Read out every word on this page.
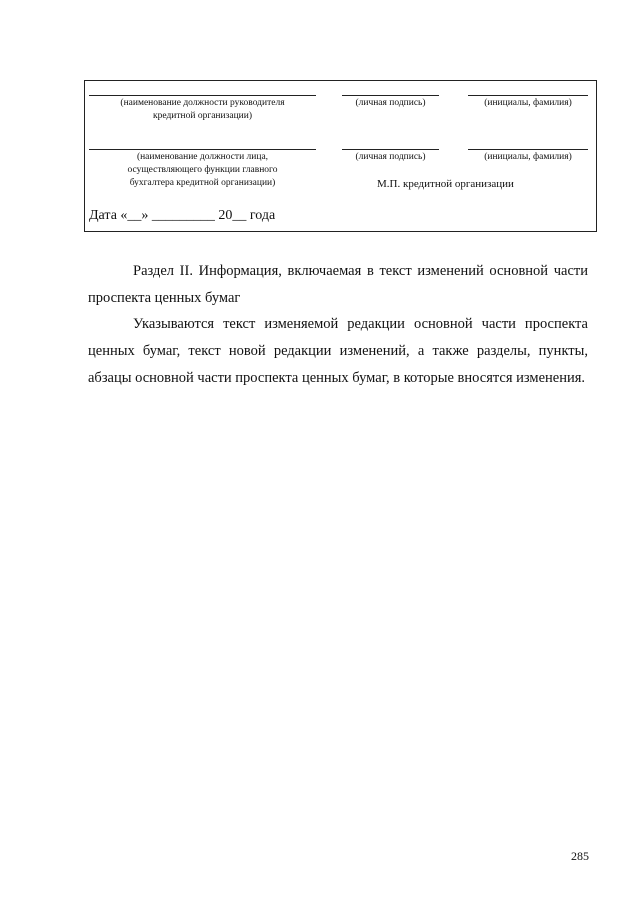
(наименование должности руководителя
кредитной организации)
(личная подпись)	(инициалы, фамилия)
(наименование должности лица,
осуществляющего функции главного
бухгалтера кредитной организации)
(личная подпись)	(инициалы, фамилия)
М.П. кредитной организации
Дата «__» _________ 20__ года
Раздел II. Информация, включаемая в текст изменений основной части проспекта ценных бумаг
Указываются текст изменяемой редакции основной части проспекта ценных бумаг, текст новой редакции изменений, а также разделы, пункты, абзацы основной части проспекта ценных бумаг, в которые вносятся изменения.
285
